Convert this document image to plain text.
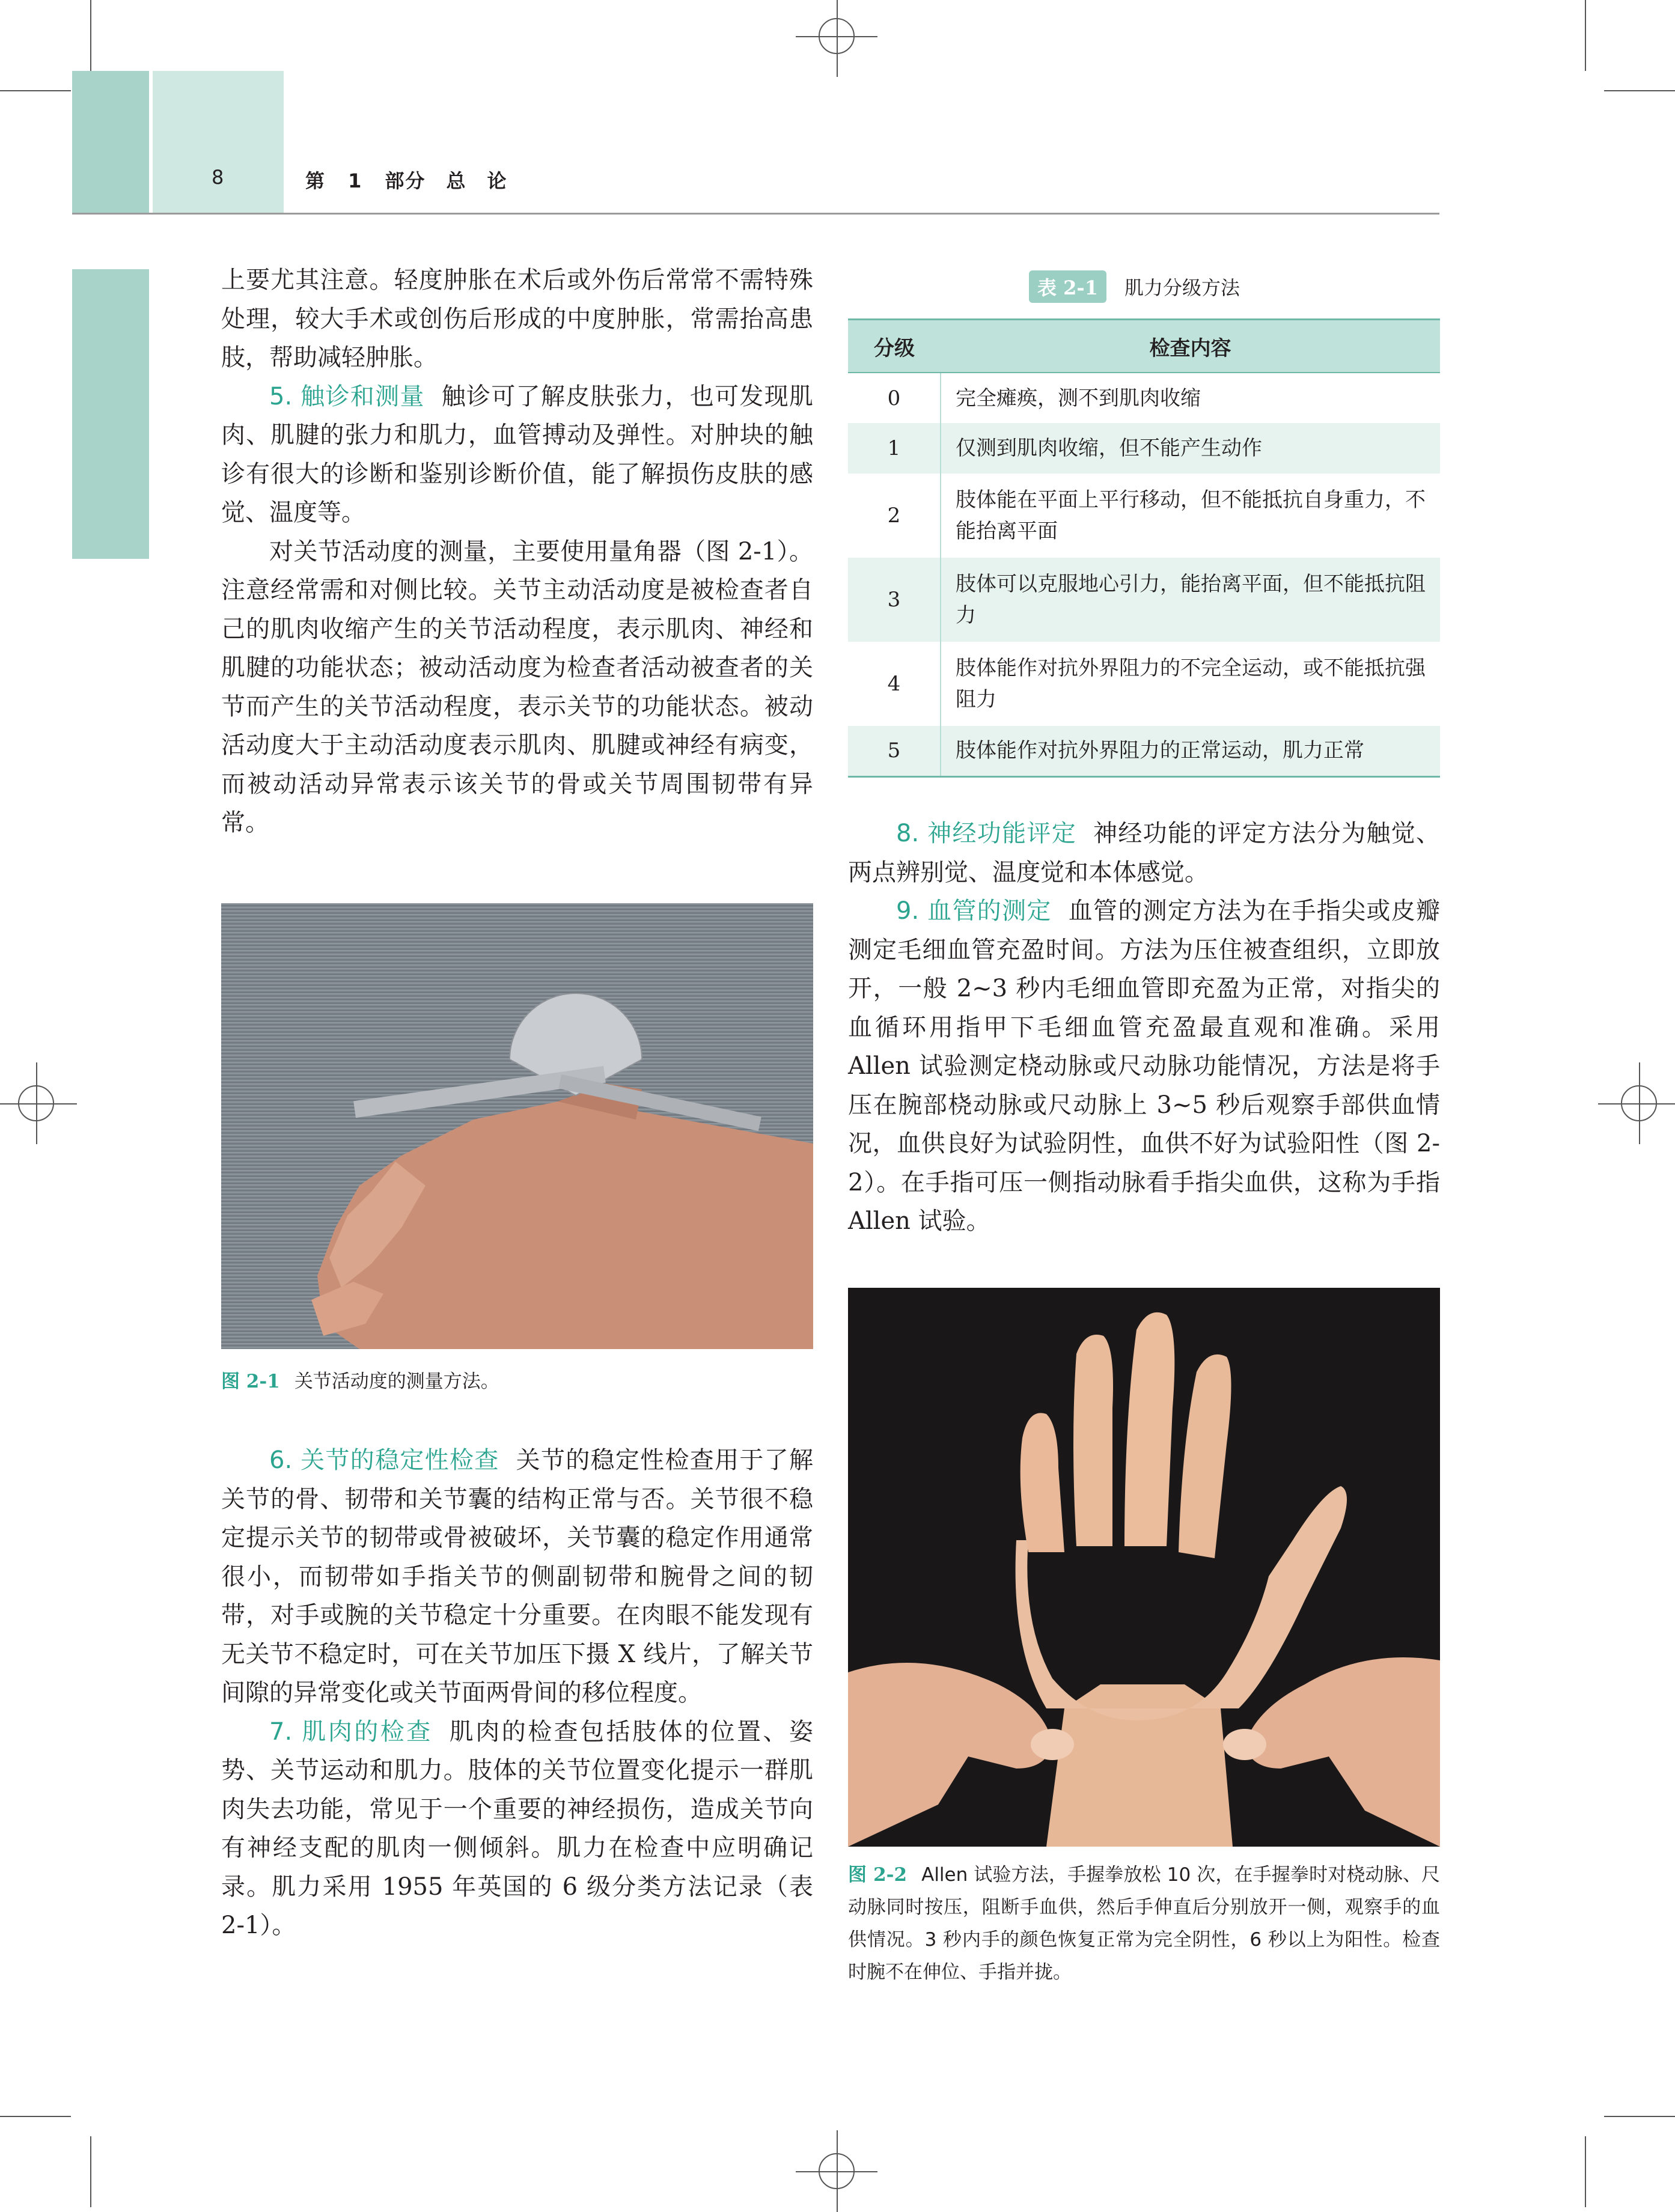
8	第 1 部分　总　论

上要尤其注意。轻度肿胀在术后或外伤后常常不需特殊处理，较大手术或创伤后形成的中度肿胀，常需抬高患肢，帮助减轻肿胀。

5. 触诊和测量 触诊可了解皮肤张力，也可发现肌肉、肌腱的张力和肌力，血管搏动及弹性。对肿块的触诊有很大的诊断和鉴别诊断价值，能了解损伤皮肤的感觉、温度等。

对关节活动度的测量，主要使用量角器（图 2-1）。注意经常需和对侧比较。关节主动活动度是被检查者自己的肌肉收缩产生的关节活动程度，表示肌肉、神经和肌腱的功能状态；被动活动度为检查者活动被查者的关节而产生的关节活动程度，表示关节的功能状态。被动活动度大于主动活动度表示肌肉、肌腱或神经有病变，而被动活动异常表示该关节的骨或关节周围韧带有异常。

图 2-1 关节活动度的测量方法。

6. 关节的稳定性检查 关节的稳定性检查用于了解关节的骨、韧带和关节囊的结构正常与否。关节很不稳定提示关节的韧带或骨被破坏，关节囊的稳定作用通常很小，而韧带如手指关节的侧副韧带和腕骨之间的韧带，对手或腕的关节稳定十分重要。在肉眼不能发现有无关节不稳定时，可在关节加压下摄 X 线片，了解关节间隙的异常变化或关节面两骨间的移位程度。

7. 肌肉的检查 肌肉的检查包括肢体的位置、姿势、关节运动和肌力。肢体的关节位置变化提示一群肌肉失去功能，常见于一个重要的神经损伤，造成关节向有神经支配的肌肉一侧倾斜。肌力在检查中应明确记录。肌力采用 1955 年英国的 6 级分类方法记录（表 2-1）。

表 2-1 肌力分级方法
分级	检查内容
0	完全瘫痪，测不到肌肉收缩
1	仅测到肌肉收缩，但不能产生动作
2	肢体能在平面上平行移动，但不能抵抗自身重力，不能抬离平面
3	肢体可以克服地心引力，能抬离平面，但不能抵抗阻力
4	肢体能作对抗外界阻力的不完全运动，或不能抵抗强阻力
5	肢体能作对抗外界阻力的正常运动，肌力正常

8. 神经功能评定 神经功能的评定方法分为触觉、两点辨别觉、温度觉和本体感觉。

9. 血管的测定 血管的测定方法为在手指尖或皮瓣测定毛细血管充盈时间。方法为压住被查组织，立即放开，一般 2~3 秒内毛细血管即充盈为正常，对指尖的血循环用指甲下毛细血管充盈最直观和准确。采用 Allen 试验测定桡动脉或尺动脉功能情况，方法是将手压在腕部桡动脉或尺动脉上 3~5 秒后观察手部供血情况，血供良好为试验阴性，血供不好为试验阳性（图 2-2）。在手指可压一侧指动脉看手指尖血供，这称为手指 Allen 试验。

图 2-2 Allen 试验方法，手握拳放松 10 次，在手握拳时对桡动脉、尺动脉同时按压，阻断手血供，然后手伸直后分别放开一侧，观察手的血供情况。3 秒内手的颜色恢复正常为完全阴性，6 秒以上为阳性。检查时腕不在伸位、手指并拢。
